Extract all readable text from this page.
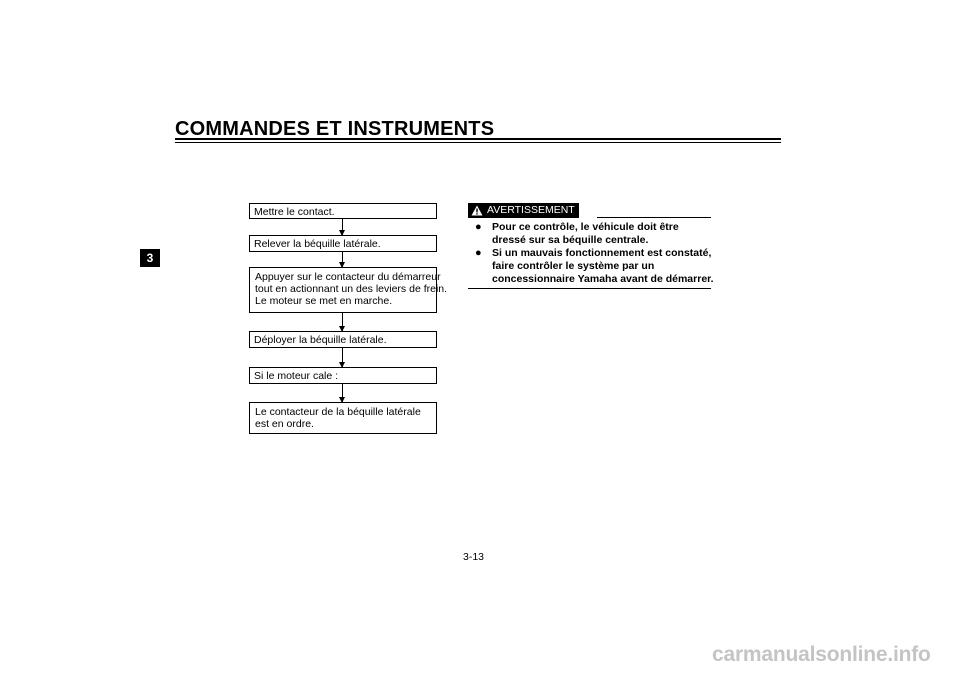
COMMANDES ET INSTRUMENTS
3
Mettre le contact.
Relever la béquille latérale.
Appuyer sur le contacteur du démarreur
tout en actionnant un des leviers de frein.
Le moteur se met en marche.
Déployer la béquille latérale.
Si le moteur cale :
Le contacteur de la béquille latérale
est en ordre.
AVERTISSEMENT
● Pour ce contrôle, le véhicule doit être
dressé sur sa béquille centrale.
● Si un mauvais fonctionnement est constaté,
faire contrôler le système par un
concessionnaire Yamaha avant de démarrer.
3-13
carmanualsonline.info
